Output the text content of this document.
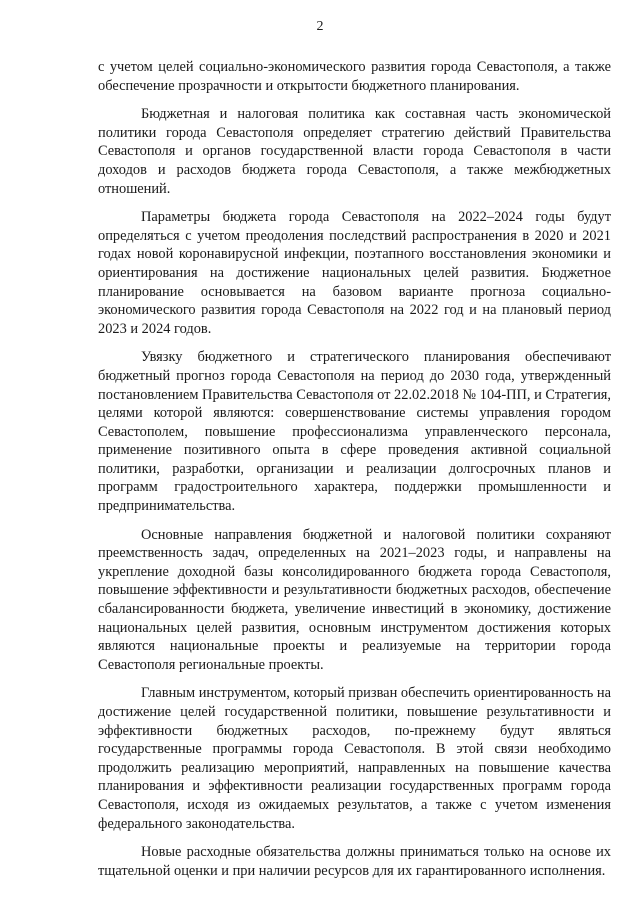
2

с учетом целей социально-экономического развития города Севастополя, а также обеспечение прозрачности и открытости бюджетного планирования.

Бюджетная и налоговая политика как составная часть экономической политики города Севастополя определяет стратегию действий Правительства Севастополя и органов государственной власти города Севастополя в части доходов и расходов бюджета города Севастополя, а также межбюджетных отношений.

Параметры бюджета города Севастополя на 2022–2024 годы будут определяться с учетом преодоления последствий распространения в 2020 и 2021 годах новой коронавирусной инфекции, поэтапного восстановления экономики и ориентирования на достижение национальных целей развития. Бюджетное планирование основывается на базовом варианте прогноза социально-экономического развития города Севастополя на 2022 год и на плановый период 2023 и 2024 годов.

Увязку бюджетного и стратегического планирования обеспечивают бюджетный прогноз города Севастополя на период до 2030 года, утвержденный постановлением Правительства Севастополя от 22.02.2018 № 104-ПП, и Стратегия, целями которой являются: совершенствование системы управления городом Севастополем, повышение профессионализма управленческого персонала, применение позитивного опыта в сфере проведения активной социальной политики, разработки, организации и реализации долгосрочных планов и программ градостроительного характера, поддержки промышленности и предпринимательства.

Основные направления бюджетной и налоговой политики сохраняют преемственность задач, определенных на 2021–2023 годы, и направлены на укрепление доходной базы консолидированного бюджета города Севастополя, повышение эффективности и результативности бюджетных расходов, обеспечение сбалансированности бюджета, увеличение инвестиций в экономику, достижение национальных целей развития, основным инструментом достижения которых являются национальные проекты и реализуемые на территории города Севастополя региональные проекты.

Главным инструментом, который призван обеспечить ориентированность на достижение целей государственной политики, повышение результативности и эффективности бюджетных расходов, по-прежнему будут являться государственные программы города Севастополя. В этой связи необходимо продолжить реализацию мероприятий, направленных на повышение качества планирования и эффективности реализации государственных программ города Севастополя, исходя из ожидаемых результатов, а также с учетом изменения федерального законодательства.

Новые расходные обязательства должны приниматься только на основе их тщательной оценки и при наличии ресурсов для их гарантированного исполнения.
